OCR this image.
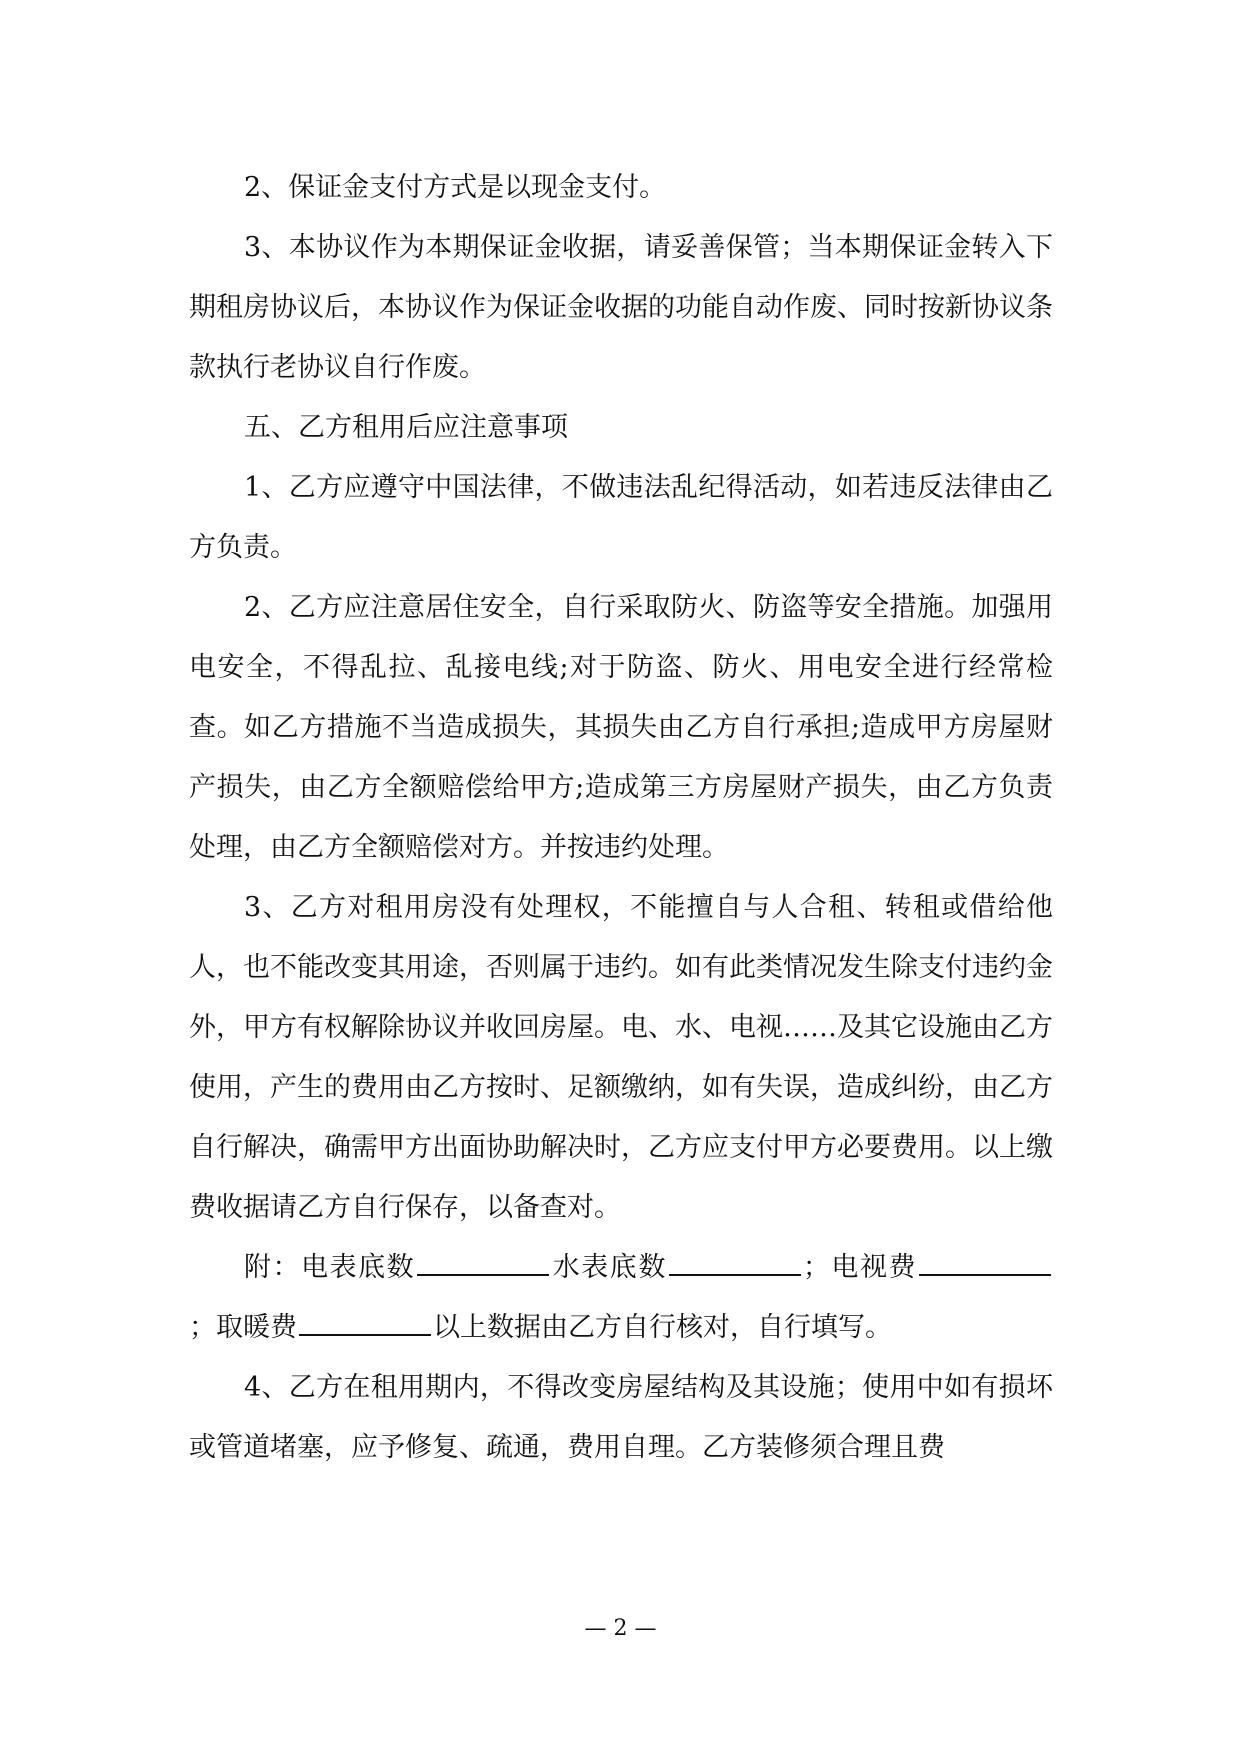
2、保证金支付方式是以现金支付。

3、本协议作为本期保证金收据，请妥善保管；当本期保证金转入下期租房协议后，本协议作为保证金收据的功能自动作废、同时按新协议条款执行老协议自行作废。

五、乙方租用后应注意事项

1、乙方应遵守中国法律，不做违法乱纪得活动，如若违反法律由乙方负责。

2、乙方应注意居住安全，自行采取防火、防盗等安全措施。加强用电安全，不得乱拉、乱接电线;对于防盗、防火、用电安全进行经常检查。如乙方措施不当造成损失，其损失由乙方自行承担;造成甲方房屋财产损失，由乙方全额赔偿给甲方;造成第三方房屋财产损失，由乙方负责处理，由乙方全额赔偿对方。并按违约处理。

3、乙方对租用房没有处理权，不能擅自与人合租、转租或借给他人，也不能改变其用途，否则属于违约。如有此类情况发生除支付违约金外，甲方有权解除协议并收回房屋。电、水、电视……及其它设施由乙方使用，产生的费用由乙方按时、足额缴纳，如有失误，造成纠纷，由乙方自行解决，确需甲方出面协助解决时，乙方应支付甲方必要费用。以上缴费收据请乙方自行保存，以备查对。

附：电表底数	水表底数	；电视费；取暖费	以上数据由乙方自行核对，自行填写。

4、乙方在租用期内，不得改变房屋结构及其设施；使用中如有损坏或管道堵塞，应予修复、疏通，费用自理。乙方装修须合理且费

— 2 —
